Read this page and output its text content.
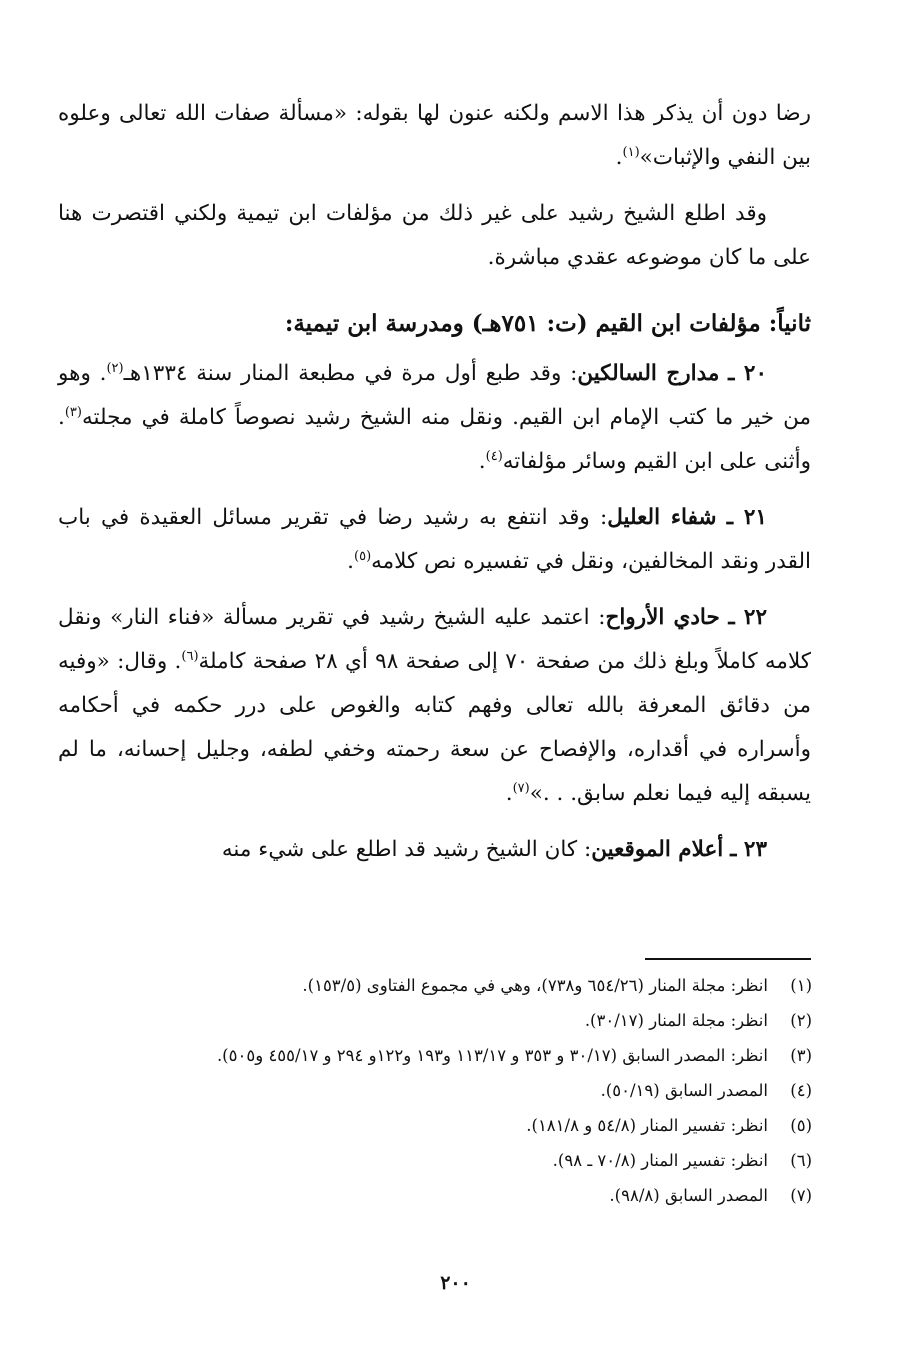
رضا دون أن يذكر هذا الاسم ولكنه عنون لها بقوله: «مسألة صفات الله تعالى وعلوه بين النفي والإثبات»$^{(١)}$.

وقد اطلع الشيخ رشيد على غير ذلك من مؤلفات ابن تيمية ولكني اقتصرت هنا على ما كان موضوعه عقدي مباشرة.

ثانياً: مؤلفات ابن القيم (ت: ٧٥١هـ) ومدرسة ابن تيمية:

٢٠ ـ مدارج السالكين: وقد طبع أول مرة في مطبعة المنار سنة ١٣٣٤هـ$^{(٢)}$. وهو من خير ما كتب الإمام ابن القيم. ونقل منه الشيخ رشيد نصوصاً كاملة في مجلته$^{(٣)}$. وأثنى على ابن القيم وسائر مؤلفاته$^{(٤)}$.

٢١ ـ شفاء العليل: وقد انتفع به رشيد رضا في تقرير مسائل العقيدة في باب القدر ونقد المخالفين، ونقل في تفسيره نص كلامه$^{(٥)}$.

٢٢ ـ حادي الأرواح: اعتمد عليه الشيخ رشيد في تقرير مسألة «فناء النار» ونقل كلامه كاملاً وبلغ ذلك من صفحة ٧٠ إلى صفحة ٩٨ أي ٢٨ صفحة كاملة$^{(٦)}$. وقال: «وفيه من دقائق المعرفة بالله تعالى وفهم كتابه والغوص على درر حكمه في أحكامه وأسراره في أقداره، والإفصاح عن سعة رحمته وخفي لطفه، وجليل إحسانه، ما لم يسبقه إليه فيما نعلم سابق. . .»$^{(٧)}$.

٢٣ ـ أعلام الموقعين: كان الشيخ رشيد قد اطلع على شيء منه

(١)
انظر: مجلة المنار (٦٥٤/٢٦ و٧٣٨)، وهي في مجموع الفتاوى (١٥٣/٥).
(٢)
انظر: مجلة المنار (٣٠/١٧).
(٣)
انظر: المصدر السابق (٣٠/١٧ و ٣٥٣ و ١١٣/١٧ و١٩٣ و١٢٢و ٢٩٤ و ٤٥٥/١٧ و٥٠٥).
(٤)
المصدر السابق (٥٠/١٩).
(٥)
انظر: تفسير المنار (٥٤/٨ و ١٨١/٨).
(٦)
انظر: تفسير المنار (٧٠/٨ ـ ٩٨).
(٧)
المصدر السابق (٩٨/٨).
٢٠٠
